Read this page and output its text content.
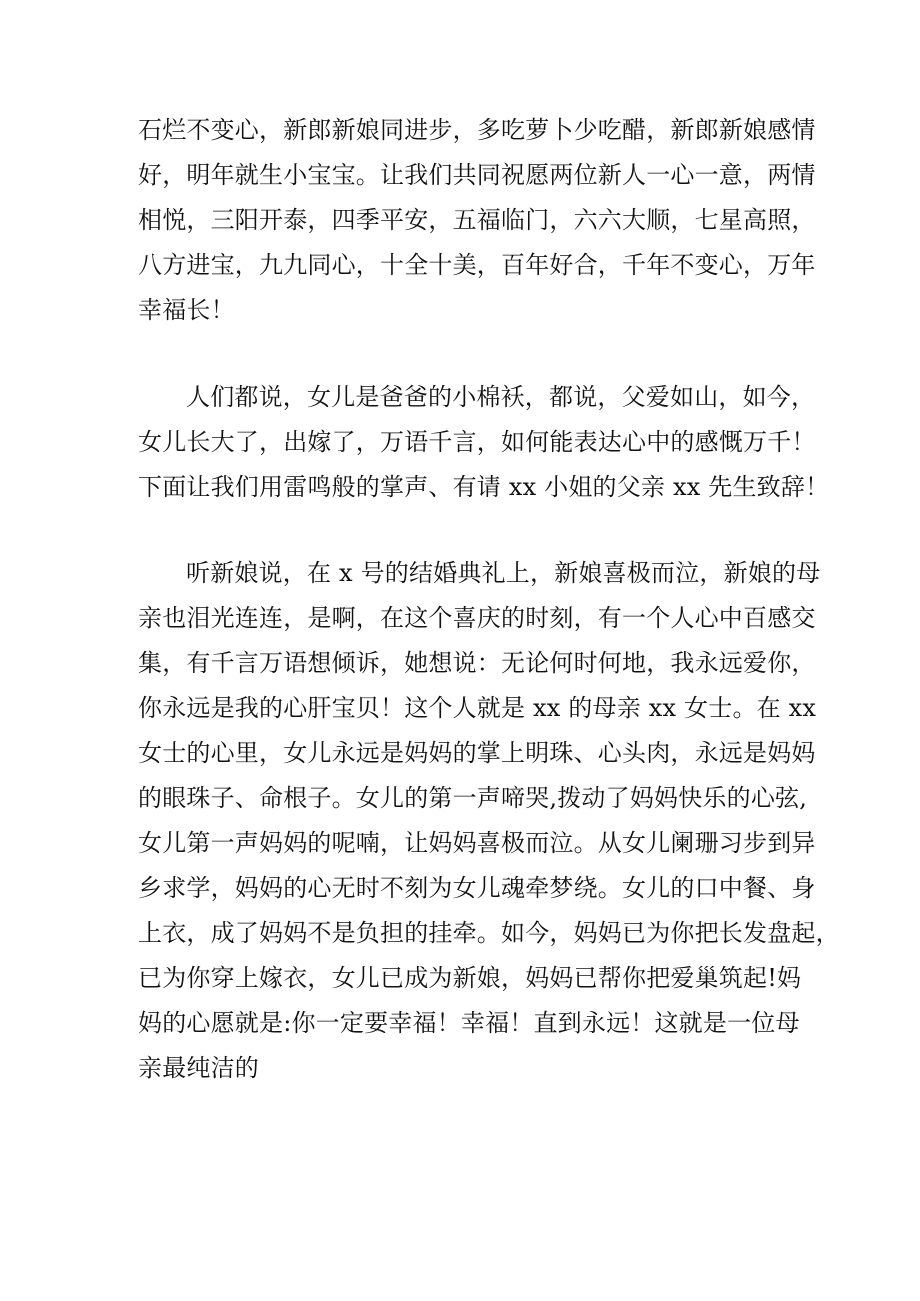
石烂不变心，新郎新娘同进步，多吃萝卜少吃醋，新郎新娘感情
好，明年就生小宝宝。让我们共同祝愿两位新人一心一意，两情
相悦，三阳开泰，四季平安，五福临门，六六大顺，七星高照，
八方进宝，九九同心，十全十美，百年好合，千年不变心，万年
幸福长！
人们都说，女儿是爸爸的小棉袄，都说，父爱如山，如今，
女儿长大了，出嫁了，万语千言，如何能表达心中的感慨万千！
下面让我们用雷鸣般的掌声、有请 xx 小姐的父亲 xx 先生致辞！
听新娘说，在 x 号的结婚典礼上，新娘喜极而泣，新娘的母
亲也泪光连连，是啊，在这个喜庆的时刻，有一个人心中百感交
集，有千言万语想倾诉，她想说：无论何时何地，我永远爱你，
你永远是我的心肝宝贝！这个人就是 xx 的母亲 xx 女士。在 xx
女士的心里，女儿永远是妈妈的掌上明珠、心头肉，永远是妈妈
的眼珠子、命根子。女儿的第一声啼哭,拨动了妈妈快乐的心弦,
女儿第一声妈妈的呢喃，让妈妈喜极而泣。从女儿阑珊习步到异
乡求学，妈妈的心无时不刻为女儿魂牵梦绕。女儿的口中餐、身
上衣，成了妈妈不是负担的挂牵。如今，妈妈已为你把长发盘起，
已为你穿上嫁衣，女儿已成为新娘，妈妈已帮你把爱巢筑起!妈
妈的心愿就是:你一定要幸福！幸福！直到永远！这就是一位母
亲最纯洁的
